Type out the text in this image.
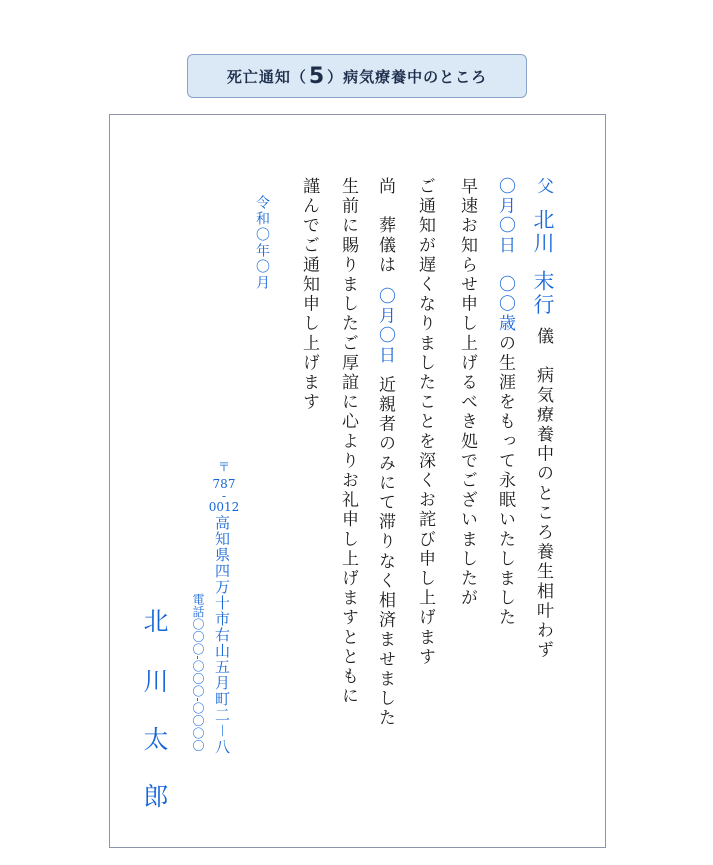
死亡通知（ 5 ）病気療養中のところ
父北川末行儀　病気療養中のところ養生相叶わず
〇月〇日　〇〇歳の生涯をもって永眠いたしました
早速お知らせ申し上げるべき処でございましたが
ご通知が遅くなりましたことを深くお詫び申し上げます
尚　葬儀は〇月〇日近親者のみにて滞りなく相済ませました
生前に賜りましたご厚誼に心よりお礼申し上げますとともに
謹んでご通知申し上げます
令和〇年〇月
〒
787
-
0012
高知県四万十市右山五月町二－八
電話〇〇〇-〇〇〇-〇〇〇〇
北
川
太
郎
